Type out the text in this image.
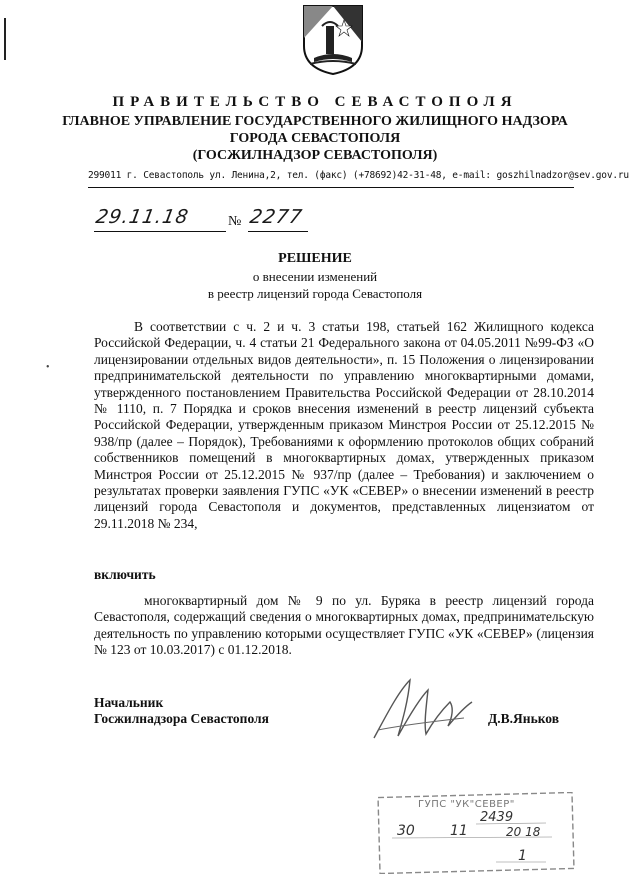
ПРАВИТЕЛЬСТВО СЕВАСТОПОЛЯ
ГЛАВНОЕ УПРАВЛЕНИЕ ГОСУДАРСТВЕННОГО ЖИЛИЩНОГО НАДЗОРА
ГОРОДА СЕВАСТОПОЛЯ
(ГОСЖИЛНАДЗОР СЕВАСТОПОЛЯ)
299011 г. Севастополь ул. Ленина,2, тел. (факс) (+78692)42-31-48, e-mail: goszhilnadzor@sev.gov.ru
29.11.18	№ 2277
РЕШЕНИЕ
о внесении изменений
в реестр лицензий города Севастополя
•

В соответствии с ч. 2 и ч. 3 статьи 198, статьей 162 Жилищного кодекса Российской Федерации, ч. 4 статьи 21 Федерального закона от 04.05.2011 №99-ФЗ «О лицензировании отдельных видов деятельности», п. 15 Положения о лицензировании предпринимательской деятельности по управлению многоквартирными домами, утвержденного постановлением Правительства Российской Федерации от 28.10.2014 № 1110, п. 7 Порядка и сроков внесения изменений в реестр лицензий субъекта Российской Федерации, утвержденным приказом Минстроя России от 25.12.2015 № 938/пр (далее – Порядок), Требованиями к оформлению протоколов общих собраний собственников помещений в многоквартирных домах, утвержденных приказом Минстроя России от 25.12.2015 № 937/пр (далее – Требования) и заключением о результатах проверки заявления ГУПС «УК «СЕВЕР» о внесении изменений в реестр лицензий города Севастополя и документов, представленных лицензиатом от 29.11.2018 № 234,

включить

многоквартирный дом № 9 по ул. Буряка в реестр лицензий города Севастополя, содержащий сведения о многоквартирных домах, предпринимательскую деятельность по управлению которыми осуществляет ГУПС «УК «СЕВЕР» (лицензия № 123 от 10.03.2017) с 01.12.2018.

Начальник
Госжилнадзора Севастополя	Д.В.Яньков
ГУПС "УК"СЕВЕР"
2439
30	11	20 18
1
